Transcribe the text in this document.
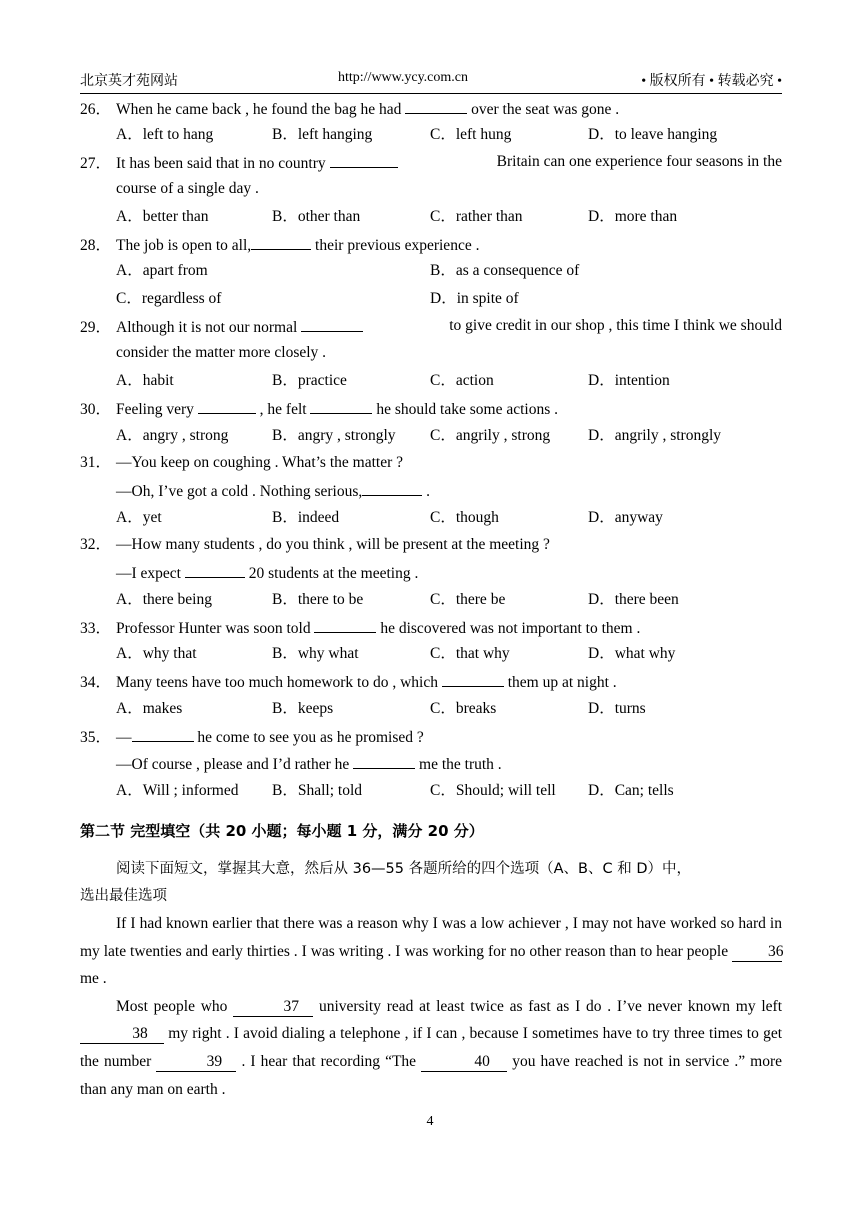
北京英才苑网站	http://www.ycy.com.cn	• 版权所有 • 转载必究 •
26． When he came back , he found the bag he had	over the seat was gone .
A．left to hang	B．left hanging	C．left hung	D．to leave hanging
27． It has been said that in no country	Britain can one experience four seasons in the
course of a single day .
A．better than	B．other than	C．rather than	D．more than
28． The job is open to all,	their previous experience .
A．apart from	B．as a consequence of
C．regardless of	D．in spite of
29． Although it is not our normal	to give credit in our shop , this time I think we should
consider the matter more closely .
A．habit	B．practice	C．action	D．intention
30． Feeling very	, he felt	he should take some actions .
A．angry , strong	B．angry , strongly C．angrily , strong D．angrily , strongly
31． —You keep on coughing . What’s the matter ?
—Oh, I’ve got a cold . Nothing serious,	.
A．yet	B．indeed	C．though	D．anyway
32． —How many students , do you think , will be present at the meeting ?
—I expect	20 students at the meeting .
A．there being	B．there to be	C．there be	D．there been
33． Professor Hunter was soon told	he discovered was not important to them .
A．why that	B．why what	C．that why	D．what why
34． Many teens have too much homework to do , which	them up at night .
A．makes	B．keeps	C．breaks	D．turns
35． —	he come to see you as he promised ?
—Of course , please and I’d rather he	me the truth .
A．Will ; informed B．Shall; told	C．Should; will tell D．Can; tells
第二节 完型填空（共 20 小题；每小题 1 分，满分 20 分）
阅读下面短文，掌握其大意，然后从 36—55 各题所给的四个选项（A、B、C 和 D）中，
选出最佳选项

If I had known earlier that there was a reason why I was a low achiever , I may not have worked so hard in my late twenties and early thirties . I was writing . I was working for no other reason than to hear people	36 me .

Most people who	37 university read at least twice as fast as I do . I’ve never known my left 38 my right . I avoid dialing a telephone , if I can , because I sometimes have to try three times to get the number	39 . I hear that recording “The	40 you have reached is not in service .” more than any man on earth .

4
